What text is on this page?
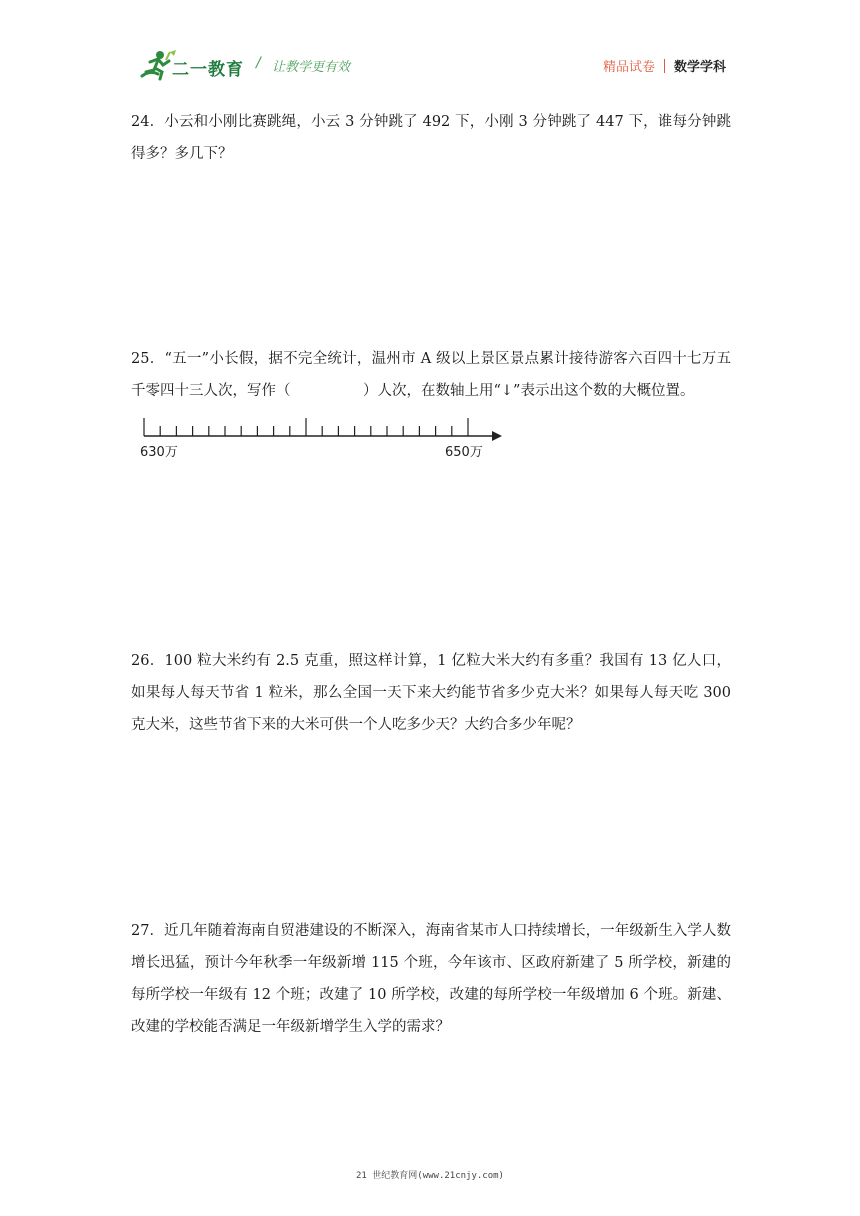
二一教育 / 让教学更有效	精品试卷 数学学科
24．小云和小刚比赛跳绳，小云 3 分钟跳了 492 下，小刚 3 分钟跳了 447 下，谁每分钟跳得多？多几下？
25．“五一”小长假，据不完全统计，温州市 A 级以上景区景点累计接待游客六百四十七万五千零四十三人次，写作（　　　　　）人次，在数轴上用“↓”表示出这个数的大概位置。
630万	650万
26．100 粒大米约有 2.5 克重，照这样计算，1 亿粒大米大约有多重？我国有 13 亿人口，如果每人每天节省 1 粒米，那么全国一天下来大约能节省多少克大米？如果每人每天吃 300 克大米，这些节省下来的大米可供一个人吃多少天？大约合多少年呢？
27．近几年随着海南自贸港建设的不断深入，海南省某市人口持续增长，一年级新生入学人数增长迅猛，预计今年秋季一年级新增 115 个班，今年该市、区政府新建了 5 所学校，新建的每所学校一年级有 12 个班；改建了 10 所学校，改建的每所学校一年级增加 6 个班。新建、改建的学校能否满足一年级新增学生入学的需求？
21 世纪教育网(www.21cnjy.com)
